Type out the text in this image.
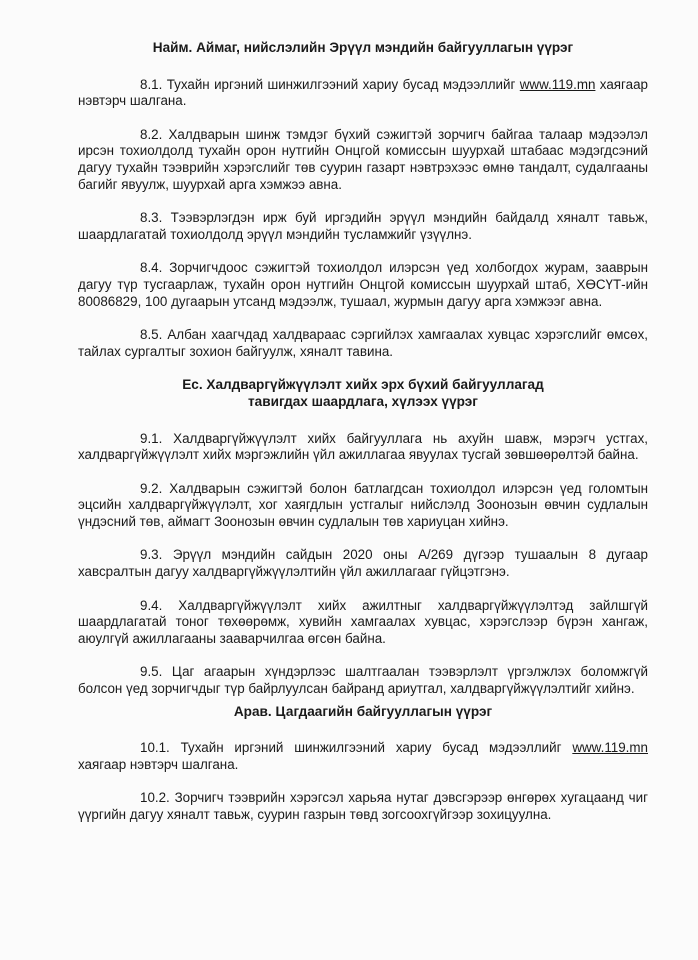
Найм. Аймаг, нийслэлийн Эрүүл мэндийн байгууллагын үүрэг

8.1. Тухайн иргэний шинжилгээний хариу бусад мэдээллийг www.119.mn хаягаар нэвтэрч шалгана.

8.2. Халдварын шинж тэмдэг бүхий сэжигтэй зорчигч байгаа талаар мэдээлэл ирсэн тохиолдолд тухайн орон нутгийн Онцгой комиссын шуурхай штабаас мэдэгдсэний дагуу тухайн тээврийн хэрэгслийг төв суурин газарт нэвтрэхээс өмнө тандалт, судалгааны багийг явуулж, шуурхай арга хэмжээ авна.

8.3. Тээвэрлэгдэн ирж буй иргэдийн эрүүл мэндийн байдалд хяналт тавьж, шаардлагатай тохиолдолд эрүүл мэндийн тусламжийг үзүүлнэ.

8.4. Зорчигчдоос сэжигтэй тохиолдол илэрсэн үед холбогдох журам, заавры​н дагуу түр тусгаарлаж, тухайн орон нутгийн Онцгой комиссын шуурхай штаб, ХӨСҮТ-ийн 80086829, 100 дугаарын утсанд мэдээлж, тушаал, журмын дагуу арга хэмжээг авна.

8.5. Албан хаагчдад халдвараас сэргийлэх хамгаалах хувцас хэрэгслийг өмсөх, тайлах сургалтыг зохион байгуулж, хяналт тавина.

Ес. Халдваргүйжүүлэлт хийх эрх бүхий байгууллагад
тавигдах шаардлага, хүлээх үүрэг

9.1. Халдваргүйжүүлэлт хийх байгууллага нь ахуйн шавж, мэрэгч устгах, халдваргүйжүүлэлт хийх мэргэжлийн үйл ажиллагаа явуулах тусгай зөвшөөрөлтэй байна.

9.2. Халдварын сэжигтэй болон батлагдсан тохиолдол илэрсэн үед голомтын эцсийн халдваргүйжүүлэлт, хог хаягдлын устгалыг нийслэлд Зоонозын өвчин судлалын үндэсний төв, аймагт Зоонозын өвчин судлалын төв хариуцан хийнэ.

9.3. Эрүүл мэндийн сайдын 2020 оны А/269 дүгээр тушаалын 8 дугаар хавсралтын дагуу халдваргүйжүүлэлтийн үйл ажиллагааг гүйцэтгэнэ.

9.4. Халдваргүйжүүлэлт хийх ажилтныг халдваргүйжүүлэлтэд зайлшгүй шаардлагатай тоног төхөөрөмж, хувийн хамгаалах хувцас, хэрэгслээр бүрэн хангаж, аюулгүй ажиллагааны зааварчилгаа өгсөн байна.

9.5. Цаг агаарын хүндэрлээс шалтгаалан тээвэрлэлт үргэлжлэх боломжгүй болсон үед зорчигчдыг түр байрлуулсан байранд ариутгал, халдваргүйжүүлэлтийг хийнэ.

Арав. Цагдаагийн байгууллагын үүрэг

10.1. Тухайн иргэний шинжилгээний хариу бусад мэдээллийг www.119.mn хаягаар нэвтэрч шалгана.

10.2. Зорчигч тээврийн хэрэгсэл харьяа нутаг дэвсгэрээр өнгөрөх хугацаанд чиг үүргийн дагуу хяналт тавьж, суурин газрын төвд зогсоохгүйгээр зохицуулна.
